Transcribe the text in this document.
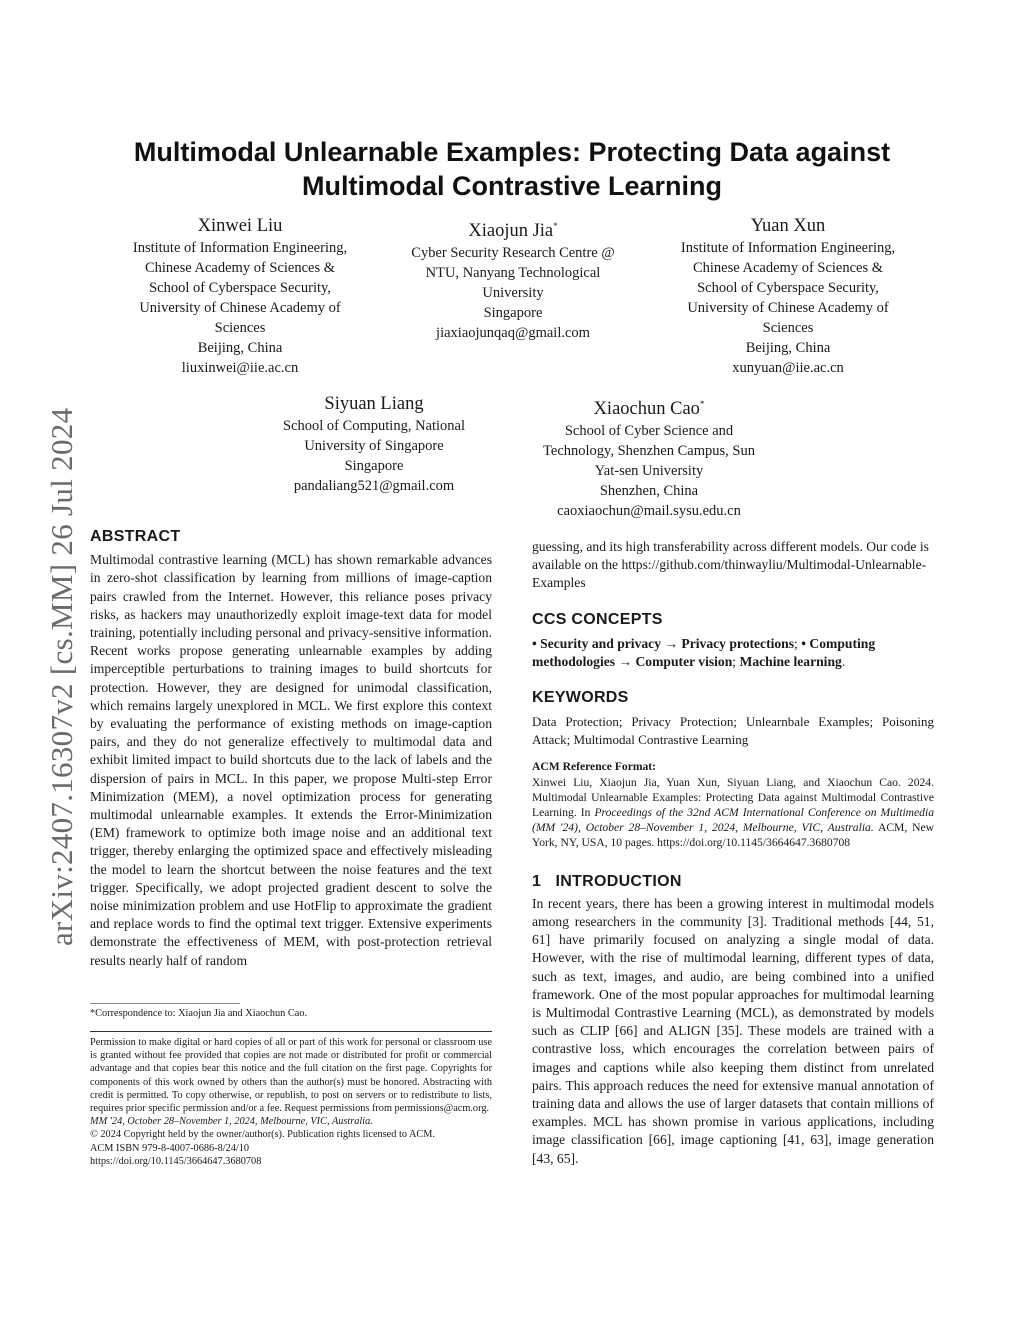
arXiv:2407.16307v2 [cs.MM] 26 Jul 2024
Multimodal Unlearnable Examples: Protecting Data against
Multimodal Contrastive Learning
Xinwei Liu
Institute of Information Engineering,
Chinese Academy of Sciences &
School of Cyberspace Security,
University of Chinese Academy of
Sciences
Beijing, China
liuxinwei@iie.ac.cn
Xiaojun Jia*
Cyber Security Research Centre @
NTU, Nanyang Technological
University
Singapore
jiaxiaojunqaq@gmail.com
Yuan Xun
Institute of Information Engineering,
Chinese Academy of Sciences &
School of Cyberspace Security,
University of Chinese Academy of
Sciences
Beijing, China
xunyuan@iie.ac.cn
Siyuan Liang
School of Computing, National
University of Singapore
Singapore
pandaliang521@gmail.com
Xiaochun Cao*
School of Cyber Science and
Technology, Shenzhen Campus, Sun
Yat-sen University
Shenzhen, China
caoxiaochun@mail.sysu.edu.cn
ABSTRACT

Multimodal contrastive learning (MCL) has shown remarkable advances in zero-shot classification by learning from millions of image-caption pairs crawled from the Internet. However, this reliance poses privacy risks, as hackers may unauthorizedly exploit image-text data for model training, potentially including personal and privacy-sensitive information. Recent works propose generating unlearnable examples by adding imperceptible perturbations to training images to build shortcuts for protection. However, they are designed for unimodal classification, which remains largely unexplored in MCL. We first explore this context by evaluating the performance of existing methods on image-caption pairs, and they do not generalize effectively to multimodal data and exhibit limited impact to build shortcuts due to the lack of labels and the dispersion of pairs in MCL. In this paper, we propose Multi-step Error Minimization (MEM), a novel optimization process for generating multimodal unlearnable examples. It extends the Error-Minimization (EM) framework to optimize both image noise and an additional text trigger, thereby enlarging the optimized space and effectively misleading the model to learn the shortcut between the noise features and the text trigger. Specifically, we adopt projected gradient descent to solve the noise minimization problem and use HotFlip to approximate the gradient and replace words to find the optimal text trigger. Extensive experiments demonstrate the effectiveness of MEM, with post-protection retrieval results nearly half of random

*Correspondence to: Xiaojun Jia and Xiaochun Cao.

Permission to make digital or hard copies of all or part of this work for personal or classroom use is granted without fee provided that copies are not made or distributed for profit or commercial advantage and that copies bear this notice and the full citation on the first page. Copyrights for components of this work owned by others than the author(s) must be honored. Abstracting with credit is permitted. To copy otherwise, or republish, to post on servers or to redistribute to lists, requires prior specific permission and/or a fee. Request permissions from permissions@acm.org.

MM '24, October 28–November 1, 2024, Melbourne, VIC, Australia.

© 2024 Copyright held by the owner/author(s). Publication rights licensed to ACM.

ACM ISBN 979-8-4007-0686-8/24/10

https://doi.org/10.1145/3664647.3680708

guessing, and its high transferability across different models. Our code is available on the https://github.com/thinwayliu/Multimodal-Unlearnable-Examples

CCS CONCEPTS

• Security and privacy → Privacy protections; • Computing methodologies → Computer vision; Machine learning.

KEYWORDS

Data Protection; Privacy Protection; Unlearnbale Examples; Poisoning Attack; Multimodal Contrastive Learning

ACM Reference Format:

Xinwei Liu, Xiaojun Jia, Yuan Xun, Siyuan Liang, and Xiaochun Cao. 2024. Multimodal Unlearnable Examples: Protecting Data against Multimodal Contrastive Learning. In Proceedings of the 32nd ACM International Conference on Multimedia (MM '24), October 28–November 1, 2024, Melbourne, VIC, Australia. ACM, New York, NY, USA, 10 pages. https://doi.org/10.1145/3664647.3680708

1 INTRODUCTION

In recent years, there has been a growing interest in multimodal models among researchers in the community [3]. Traditional methods [44, 51, 61] have primarily focused on analyzing a single modal of data. However, with the rise of multimodal learning, different types of data, such as text, images, and audio, are being combined into a unified framework. One of the most popular approaches for multimodal learning is Multimodal Contrastive Learning (MCL), as demonstrated by models such as CLIP [66] and ALIGN [35]. These models are trained with a contrastive loss, which encourages the correlation between pairs of images and captions while also keeping them distinct from unrelated pairs. This approach reduces the need for extensive manual annotation of training data and allows the use of larger datasets that contain millions of examples. MCL has shown promise in various applications, including image classification [66], image captioning [41, 63], image generation [43, 65].
